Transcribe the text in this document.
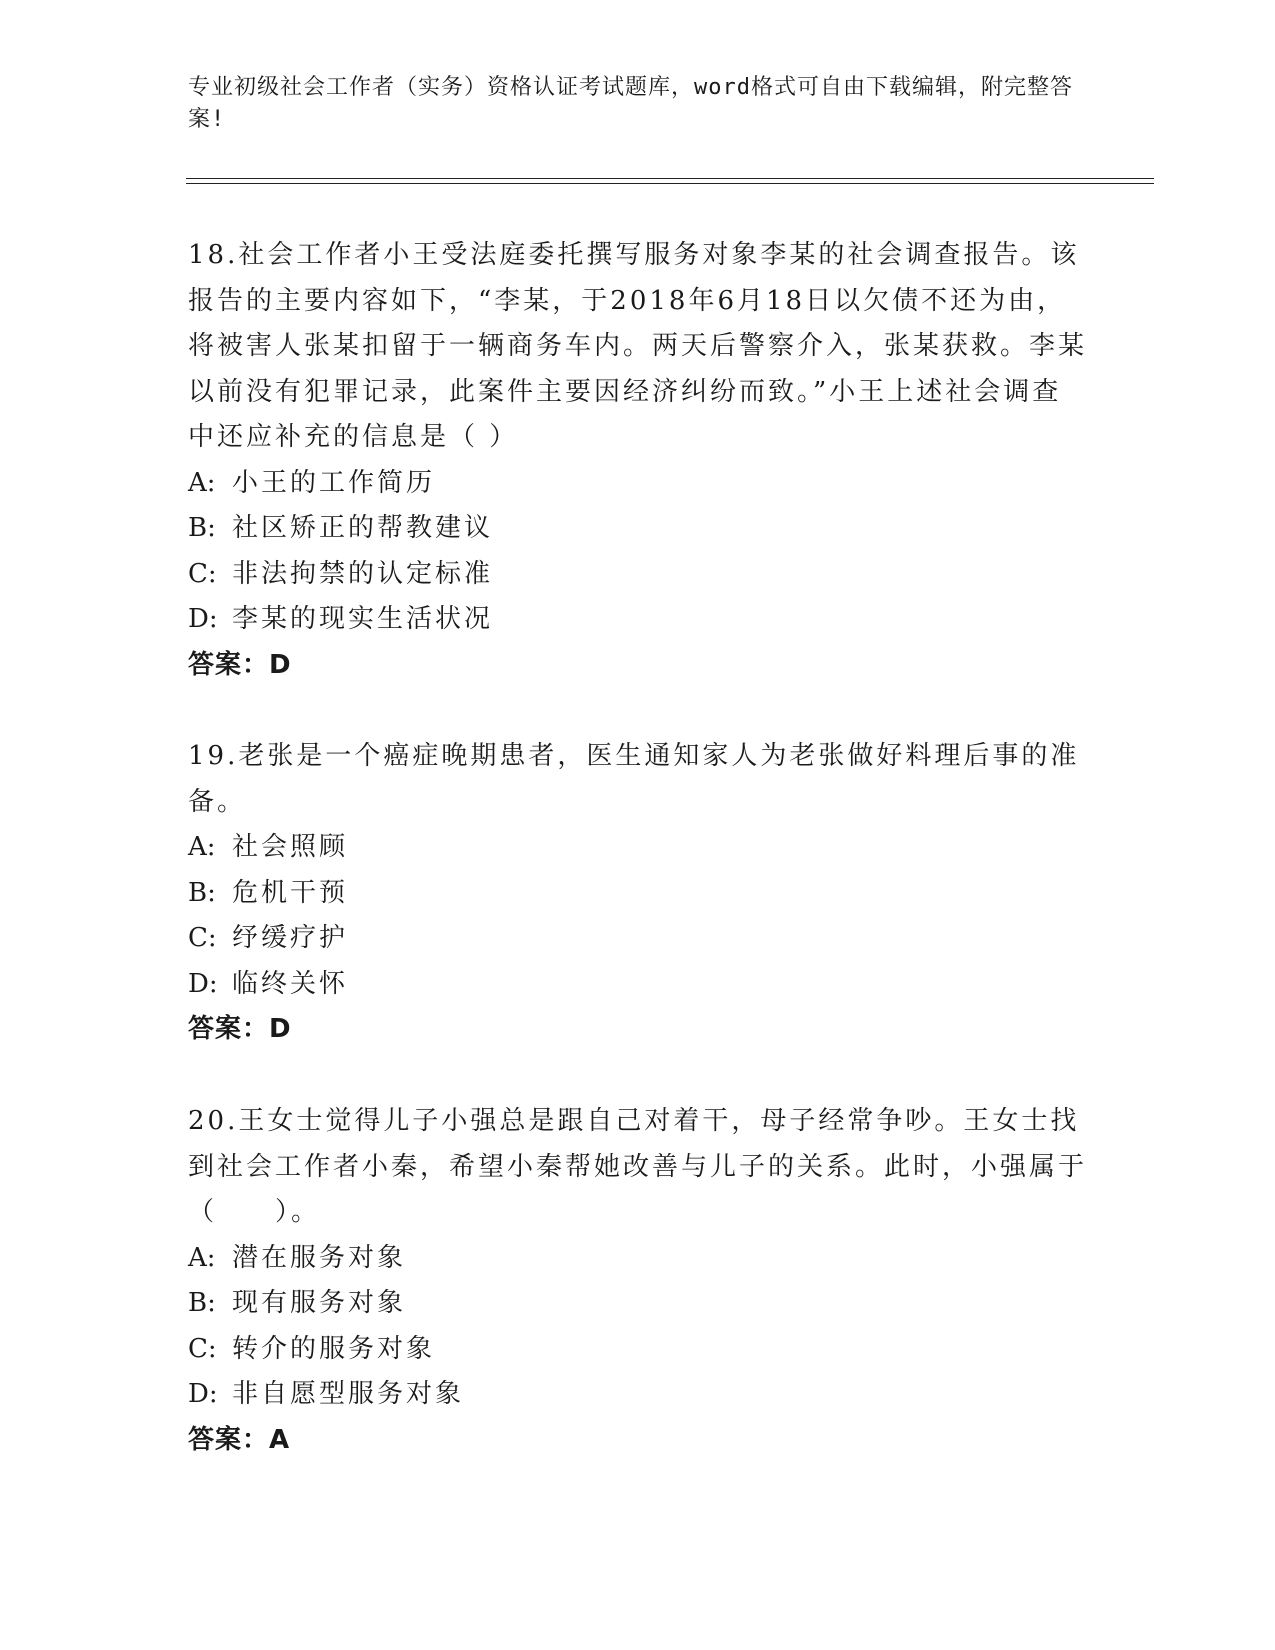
专业初级社会工作者（实务）资格认证考试题库，word格式可自由下载编辑，附完整答案!

18.社会工作者小王受法庭委托撰写服务对象李某的社会调查报告。该报告的主要内容如下，“李某，于2018年6月18日以欠债不还为由，将被害人张某扣留于一辆商务车内。两天后警察介入，张某获救。李某以前没有犯罪记录，此案件主要因经济纠纷而致。”小王上述社会调查中还应补充的信息是（ ）

A: 小王的工作简历
B: 社区矫正的帮教建议
C: 非法拘禁的认定标准
D: 李某的现实生活状况
答案：D

19.老张是一个癌症晚期患者，医生通知家人为老张做好料理后事的准备。

A: 社会照顾
B: 危机干预
C: 纾缓疗护
D: 临终关怀
答案：D

20.王女士觉得儿子小强总是跟自己对着干，母子经常争吵。王女士找到社会工作者小秦，希望小秦帮她改善与儿子的关系。此时，小强属于（　　）。

A: 潜在服务对象
B: 现有服务对象
C: 转介的服务对象
D: 非自愿型服务对象
答案：A
